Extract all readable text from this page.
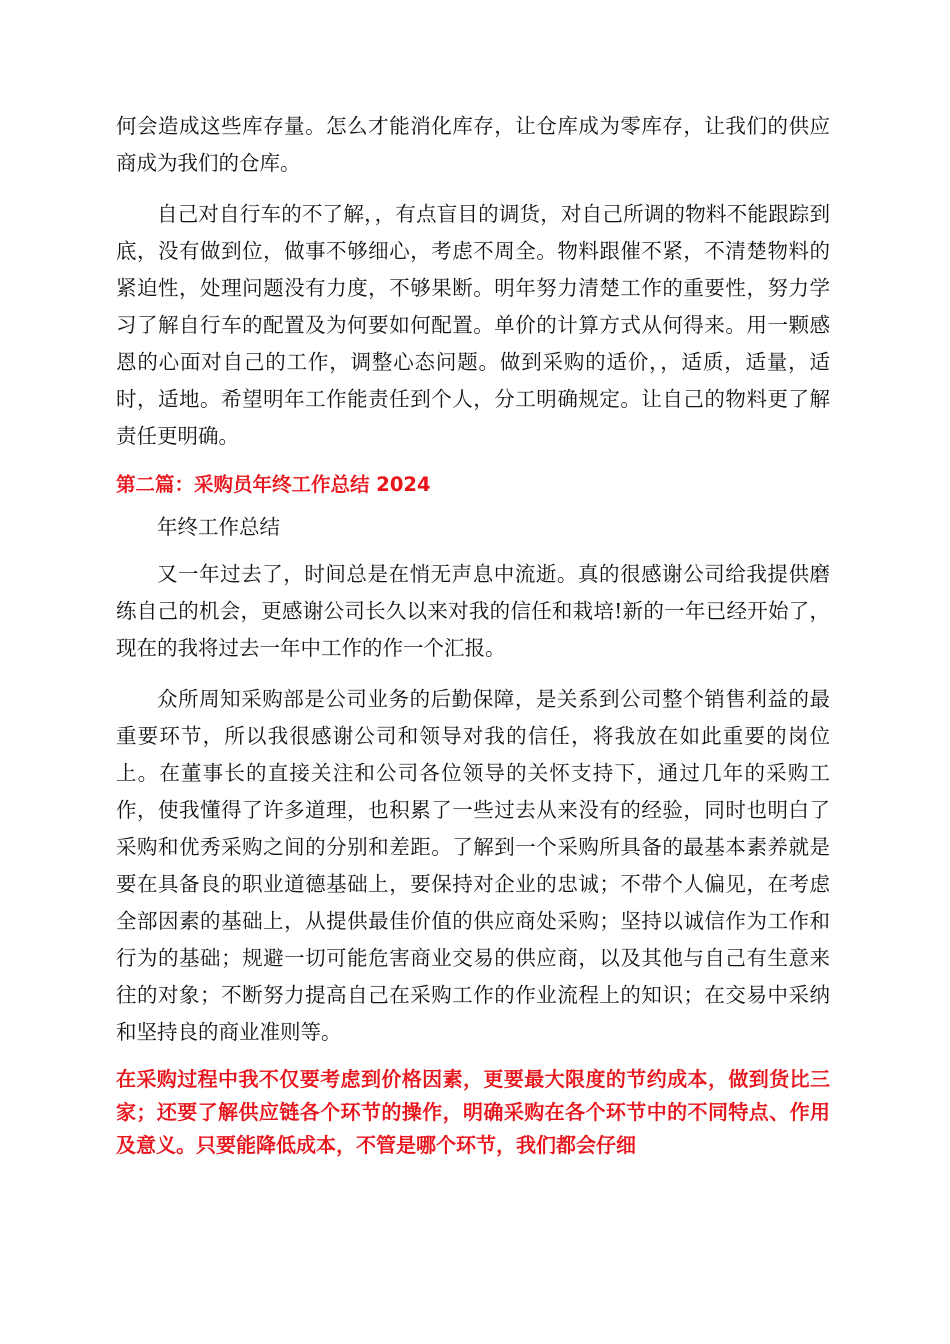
何会造成这些库存量。怎么才能消化库存，让仓库成为零库存，让我们的供应商成为我们的仓库。

自己对自行车的不了解，，有点盲目的调货，对自己所调的物料不能跟踪到底，没有做到位，做事不够细心，考虑不周全。物料跟催不紧，不清楚物料的紧迫性，处理问题没有力度，不够果断。明年努力清楚工作的重要性，努力学习了解自行车的配置及为何要如何配置。单价的计算方式从何得来。用一颗感恩的心面对自己的工作，调整心态问题。做到采购的适价，，适质，适量，适时，适地。希望明年工作能责任到个人，分工明确规定。让自己的物料更了解责任更明确。

第二篇：采购员年终工作总结 2024

年终工作总结

又一年过去了，时间总是在悄无声息中流逝。真的很感谢公司给我提供磨练自己的机会，更感谢公司长久以来对我的信任和栽培!新的一年已经开始了，现在的我将过去一年中工作的作一个汇报。

众所周知采购部是公司业务的后勤保障，是关系到公司整个销售利益的最重要环节，所以我很感谢公司和领导对我的信任，将我放在如此重要的岗位上。在董事长的直接关注和公司各位领导的关怀支持下，通过几年的采购工作，使我懂得了许多道理，也积累了一些过去从来没有的经验，同时也明白了采购和优秀采购之间的分别和差距。了解到一个采购所具备的最基本素养就是要在具备良的职业道德基础上，要保持对企业的忠诚；不带个人偏见，在考虑全部因素的基础上，从提供最佳价值的供应商处采购；坚持以诚信作为工作和行为的基础；规避一切可能危害商业交易的供应商，以及其他与自己有生意来往的对象；不断努力提高自己在采购工作的作业流程上的知识；在交易中采纳和坚持良的商业准则等。

在采购过程中我不仅要考虑到价格因素，更要最大限度的节约成本，做到货比三家；还要了解供应链各个环节的操作，明确采购在各个环节中的不同特点、作用及意义。只要能降低成本，不管是哪个环节，我们都会仔细
